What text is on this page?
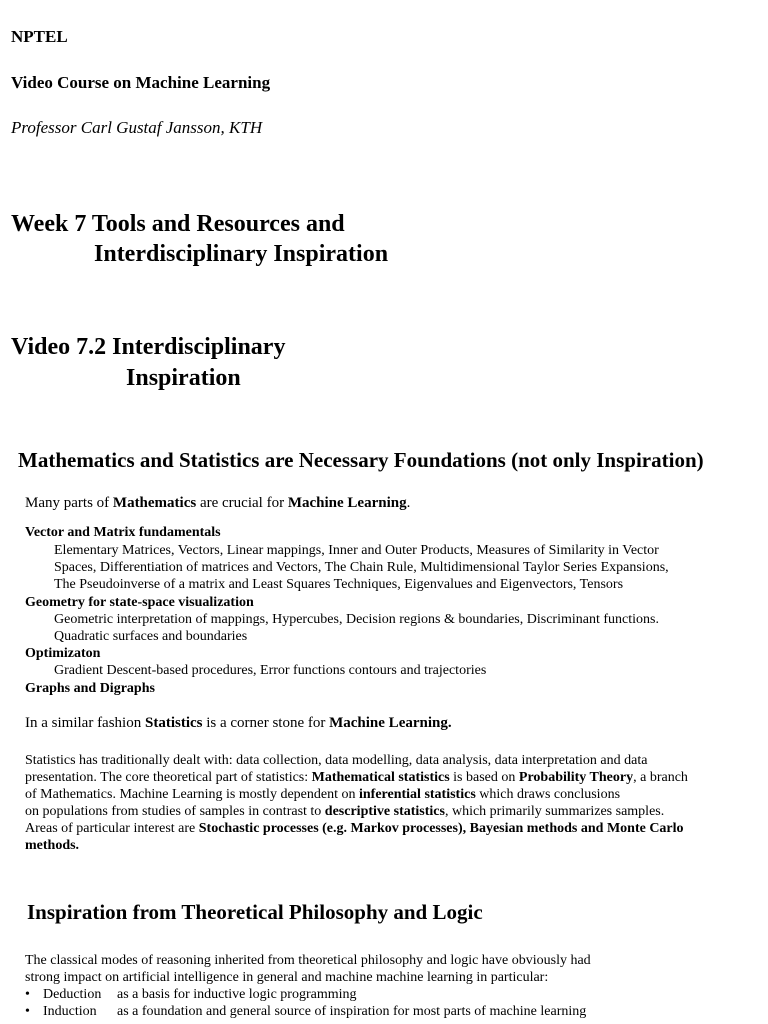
NPTEL
Video Course on Machine Learning
Professor Carl Gustaf Jansson, KTH
Week 7 Tools and Resources and
Interdisciplinary Inspiration
Video 7.2 Interdisciplinary
Inspiration
Mathematics and Statistics are Necessary Foundations (not only Inspiration)
Many parts of Mathematics are crucial for Machine Learning.
Vector and Matrix fundamentals
Elementary Matrices, Vectors, Linear mappings, Inner and Outer Products, Measures of Similarity in Vector
Spaces, Differentiation of matrices and Vectors, The Chain Rule, Multidimensional Taylor Series Expansions,
The Pseudoinverse of a matrix and Least Squares Techniques, Eigenvalues and Eigenvectors, Tensors
Geometry for state-space visualization
Geometric interpretation of mappings, Hypercubes, Decision regions & boundaries, Discriminant functions.
Quadratic surfaces and boundaries
Optimizaton
Gradient Descent-based procedures, Error functions contours and trajectories
Graphs and Digraphs
In a similar fashion Statistics is a corner stone for Machine Learning.
Statistics has traditionally dealt with: data collection, data modelling, data analysis, data interpretation and data
presentation. The core theoretical part of statistics: Mathematical statistics is based on Probability Theory, a branch
of Mathematics. Machine Learning is mostly dependent on inferential statistics which draws conclusions
on populations from studies of samples in contrast to descriptive statistics, which primarily summarizes samples.
Areas of particular interest are Stochastic processes (e.g. Markov processes), Bayesian methods and Monte Carlo
methods.
Inspiration from Theoretical Philosophy and Logic
The classical modes of reasoning inherited from theoretical philosophy and logic have obviously had
strong impact on artificial intelligence in general and machine machine learning in particular:
• Deduction as a basis for inductive logic programming
• Induction as a foundation and general source of inspiration for most parts of machine learning
